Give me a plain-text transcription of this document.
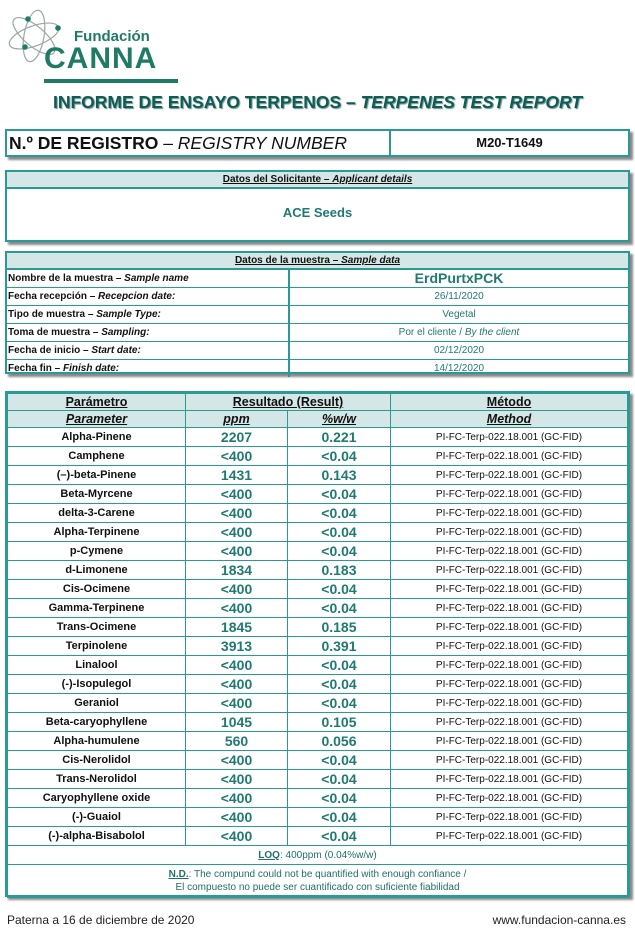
Fundación
CANNA
INFORME DE ENSAYO TERPENOS – TERPENES TEST REPORT
N.º DE REGISTRO – REGISTRY NUMBER	M20-T1649
Datos del Solicitante – Applicant details
ACE Seeds
Datos de la muestra – Sample data
Nombre de la muestra – Sample name	ErdPurtxPCK
Fecha recepción – Recepcion date:	26/11/2020
Tipo de muestra – Sample Type:	Vegetal
Toma de muestra – Sampling:	Por el cliente / By the client
Fecha de inicio – Start date:	02/12/2020
Fecha fin – Finish date:	14/12/2020
Parámetro	Resultado (Result)		Método
Parameter	ppm	%w/w	Method
Alpha-Pinene	2207	0.221	PI-FC-Terp-022.18.001 (GC-FID)
Camphene	<400	<0.04	PI-FC-Terp-022.18.001 (GC-FID)
(–)-beta-Pinene	1431	0.143	PI-FC-Terp-022.18.001 (GC-FID)
Beta-Myrcene	<400	<0.04	PI-FC-Terp-022.18.001 (GC-FID)
delta-3-Carene	<400	<0.04	PI-FC-Terp-022.18.001 (GC-FID)
Alpha-Terpinene	<400	<0.04	PI-FC-Terp-022.18.001 (GC-FID)
p-Cymene	<400	<0.04	PI-FC-Terp-022.18.001 (GC-FID)
d-Limonene	1834	0.183	PI-FC-Terp-022.18.001 (GC-FID)
Cis-Ocimene	<400	<0.04	PI-FC-Terp-022.18.001 (GC-FID)
Gamma-Terpinene	<400	<0.04	PI-FC-Terp-022.18.001 (GC-FID)
Trans-Ocimene	1845	0.185	PI-FC-Terp-022.18.001 (GC-FID)
Terpinolene	3913	0.391	PI-FC-Terp-022.18.001 (GC-FID)
Linalool	<400	<0.04	PI-FC-Terp-022.18.001 (GC-FID)
(-)-Isopulegol	<400	<0.04	PI-FC-Terp-022.18.001 (GC-FID)
Geraniol	<400	<0.04	PI-FC-Terp-022.18.001 (GC-FID)
Beta-caryophyllene	1045	0.105	PI-FC-Terp-022.18.001 (GC-FID)
Alpha-humulene	560	0.056	PI-FC-Terp-022.18.001 (GC-FID)
Cis-Nerolidol	<400	<0.04	PI-FC-Terp-022.18.001 (GC-FID)
Trans-Nerolidol	<400	<0.04	PI-FC-Terp-022.18.001 (GC-FID)
Caryophyllene oxide	<400	<0.04	PI-FC-Terp-022.18.001 (GC-FID)
(-)-Guaiol	<400	<0.04	PI-FC-Terp-022.18.001 (GC-FID)
(-)-alpha-Bisabolol	<400	<0.04	PI-FC-Terp-022.18.001 (GC-FID)
LOQ: 400ppm (0.04%w/w)			
N.D.: The compund could not be quantified with enough confiance /
El compuesto no puede ser cuantificado con suficiente fiabilidad			
Paterna a 16 de diciembre de 2020	www.fundacion-canna.es
